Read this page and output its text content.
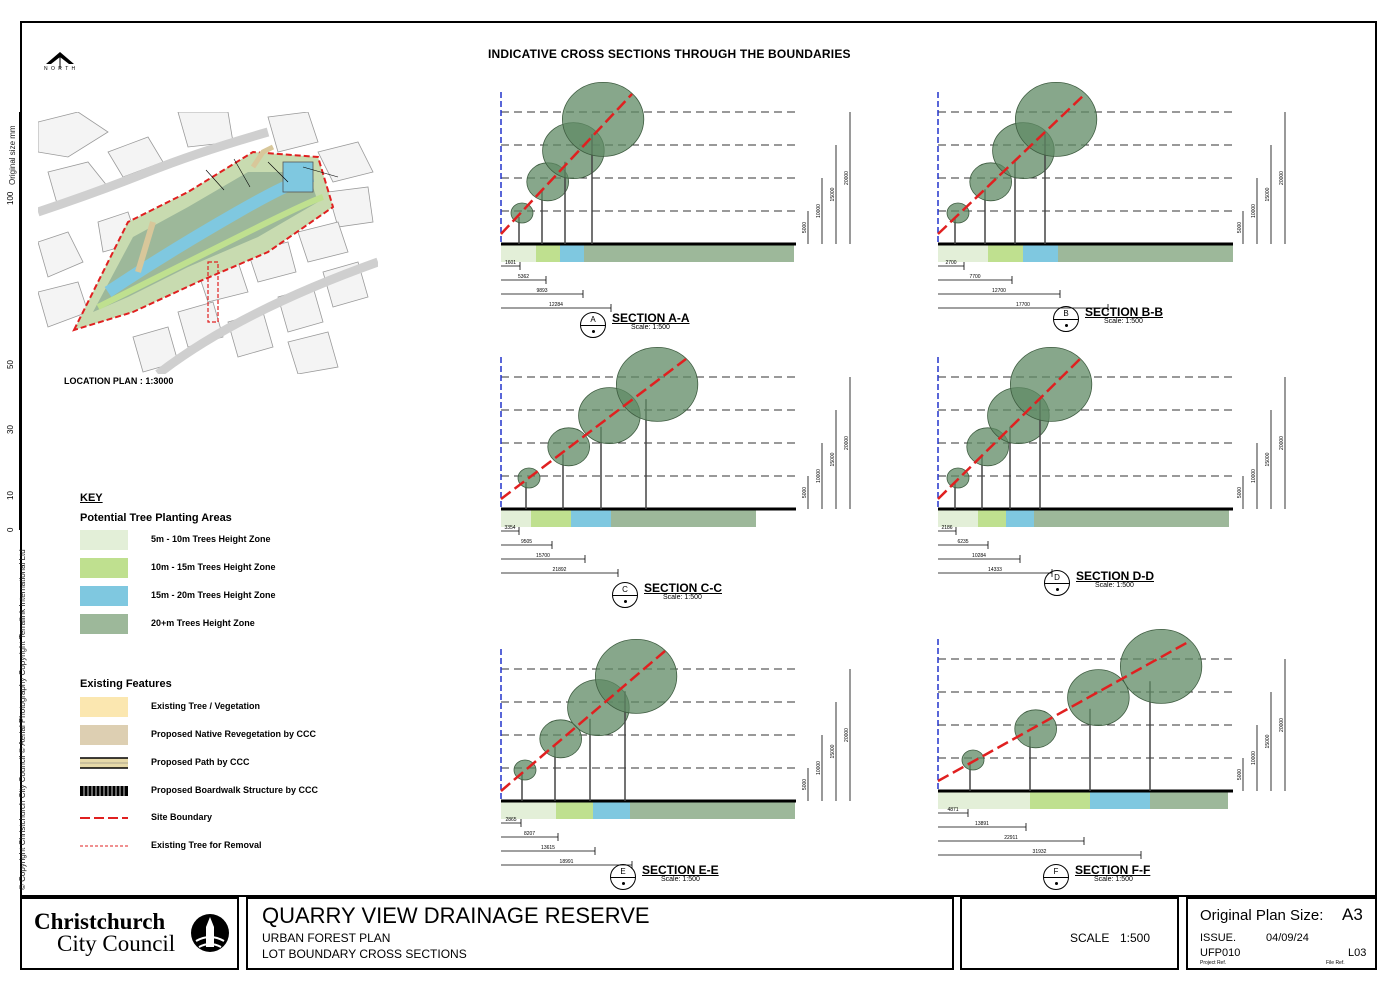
N O R T H
INDICATIVE CROSS SECTIONS THROUGH THE BOUNDARIES
100
Original size mm
50
30
10
0
© Copyright Christchurch City Council © Aerial Photography Copyright Terralink International Ltd
LOCATION PLAN : 1:3000
KEY
Potential Tree Planting Areas
5m - 10m Trees Height Zone
10m - 15m Trees Height Zone
15m - 20m Trees Height Zone
20+m Trees Height Zone
Existing Features
Existing Tree / Vegetation
Proposed Native Revegetation by CCC
Proposed Path by CCC
Proposed Boardwalk Structure by CCC
Site Boundary
Existing Tree for Removal
5000
10000
15000
20000
1601
5362
9893
12284
5000
10000
15000
20000
2700
7700
12700
17700
5000
10000
15000
20000
3354
9505
15700
21892
5000
10000
15000
20000
2186
6235
10284
14333
5000
10000
15000
20000
2865
8207
13615
18991
5000
10000
15000
20000
4871
13891
22911
31932
A	SECTION A-A
Scale: 1:500
B	SECTION B-B
Scale: 1:500
C	SECTION C-C
Scale: 1:500
D	SECTION D-D
Scale: 1:500
E	SECTION E-E
Scale: 1:500
F	SECTION F-F
Scale: 1:500
Christchurch
City Council
QUARRY VIEW DRAINAGE RESERVE
URBAN FOREST PLAN
LOT BOUNDARY CROSS SECTIONS
SCALE 1:500
Original Plan Size: A3
ISSUE.	04/09/24
UFP010
Project Ref.
L03
File Ref.
